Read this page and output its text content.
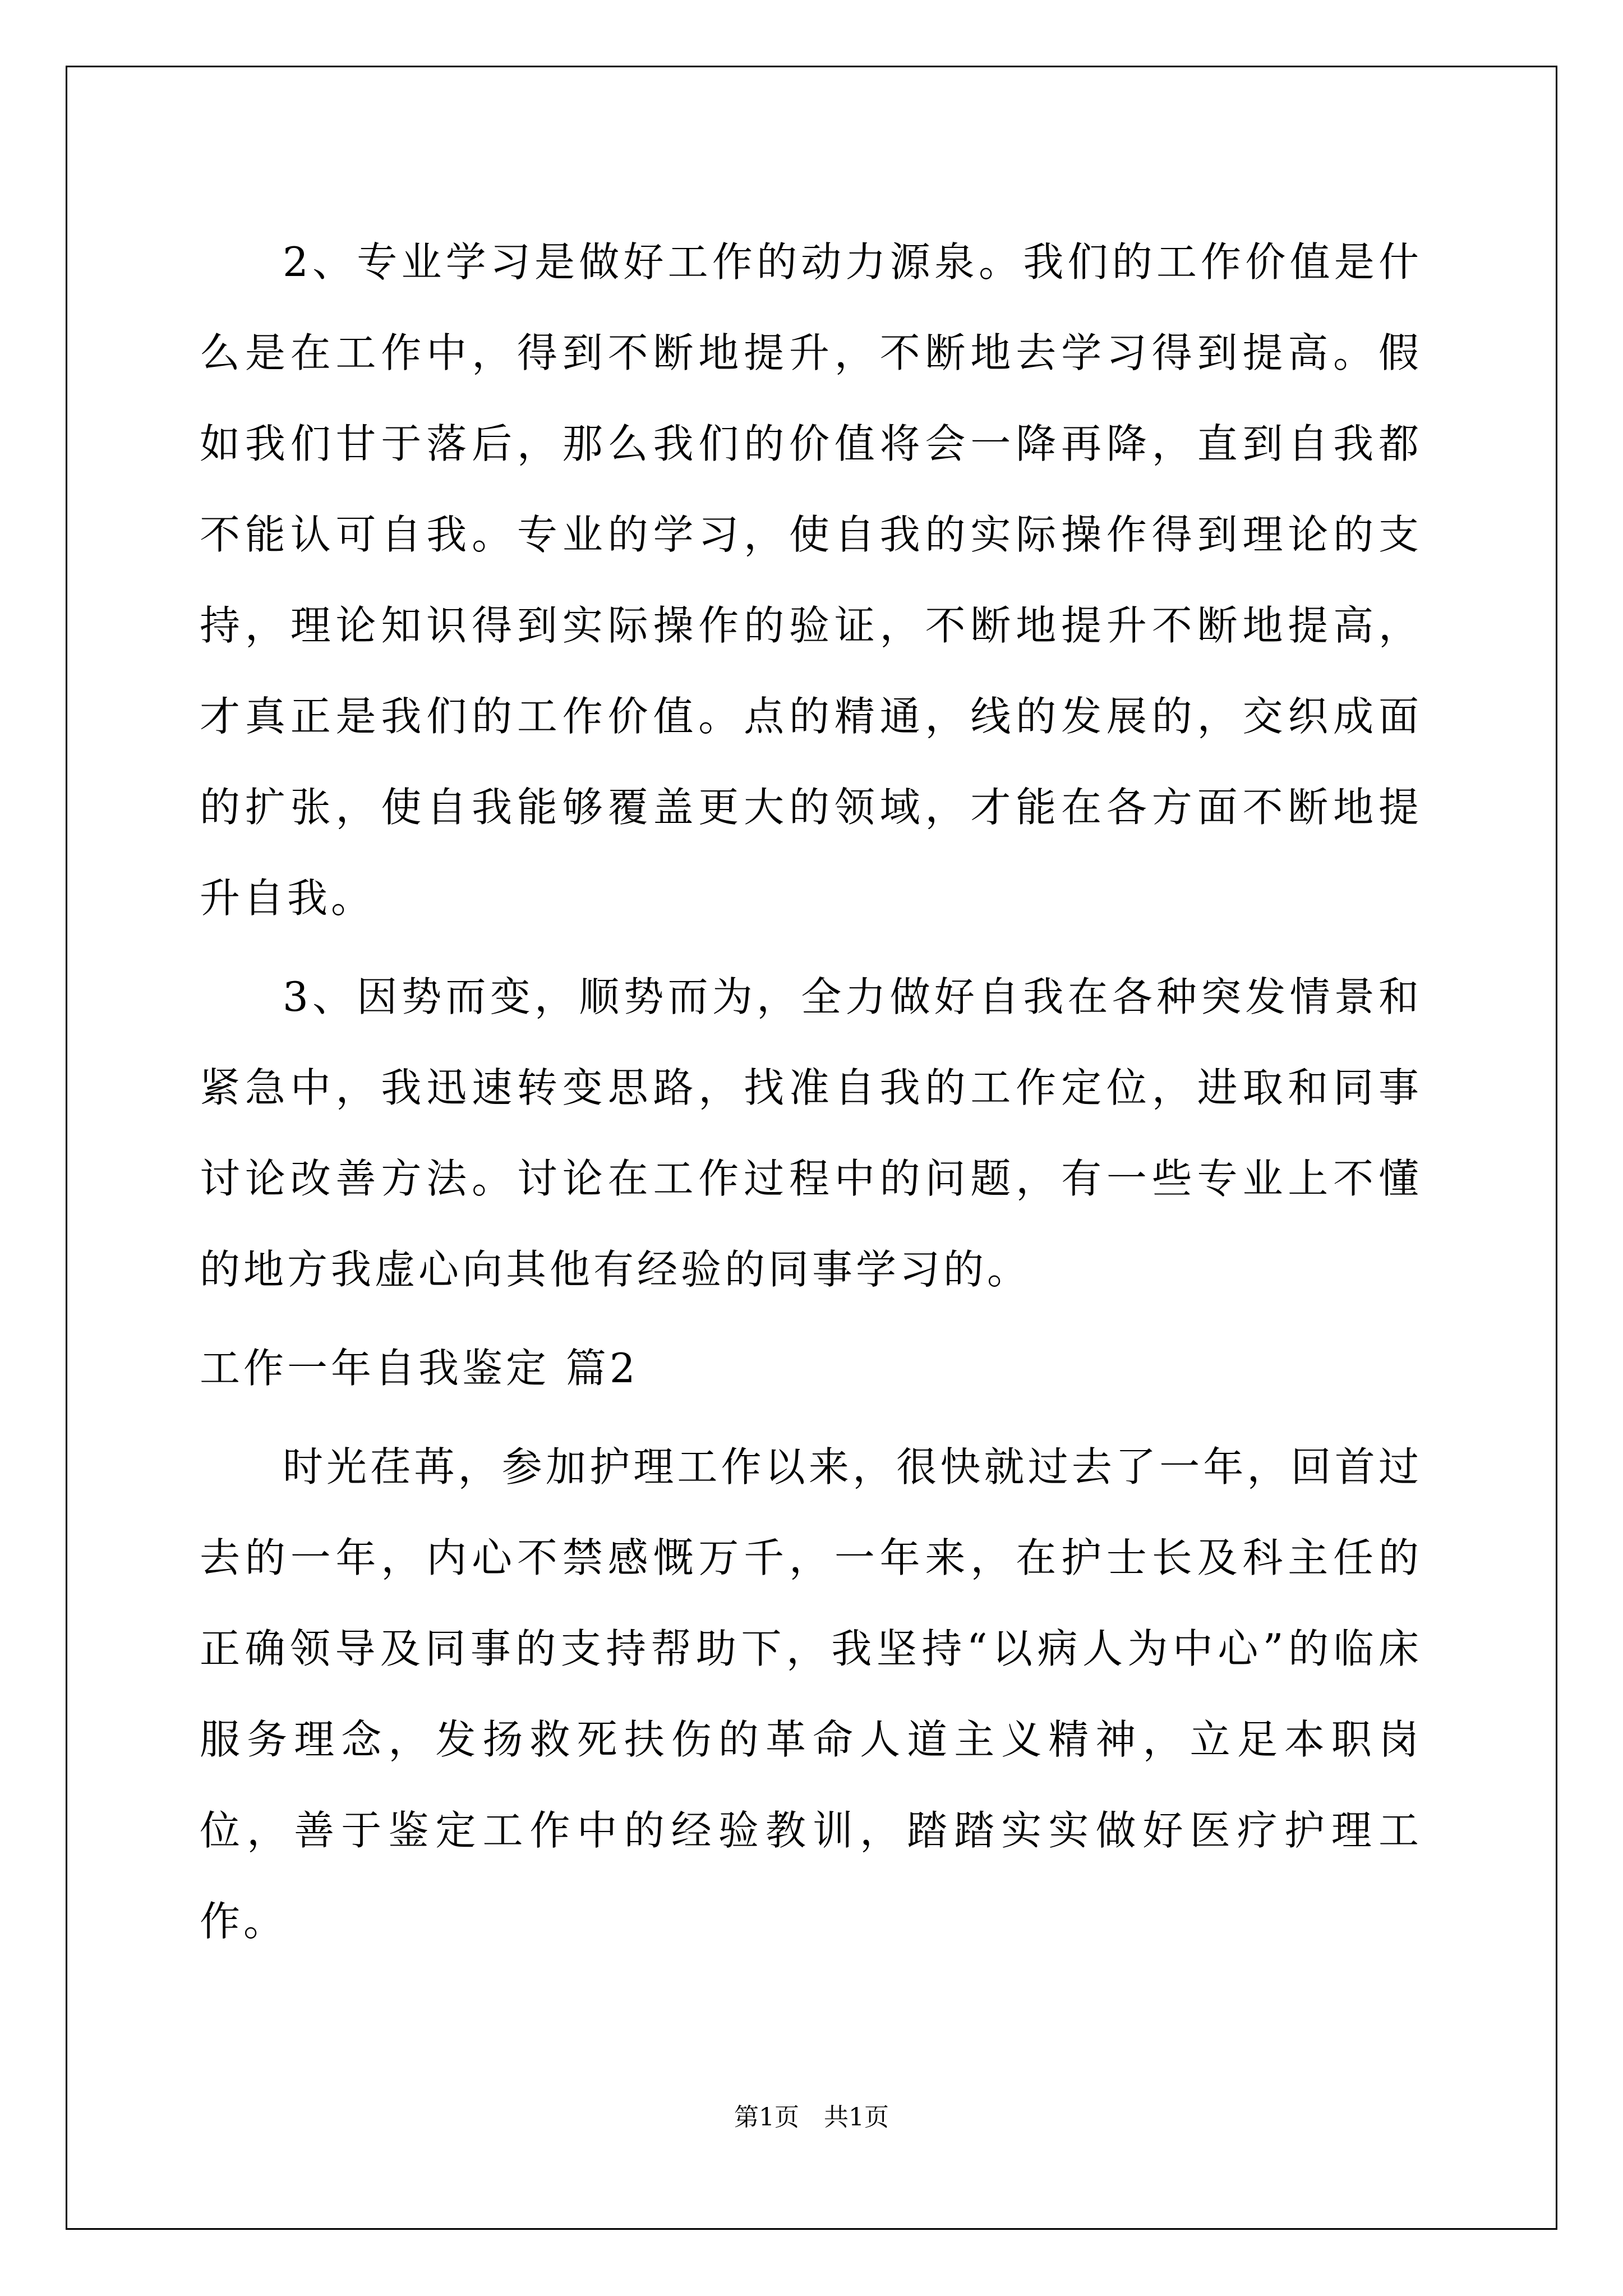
2、专业学习是做好工作的动力源泉。我们的工作价值是什么是在工作中，得到不断地提升，不断地去学习得到提高。假如我们甘于落后，那么我们的价值将会一降再降，直到自我都不能认可自我。专业的学习，使自我的实际操作得到理论的支持，理论知识得到实际操作的验证，不断地提升不断地提高，才真正是我们的工作价值。点的精通，线的发展的，交织成面的扩张，使自我能够覆盖更大的领域，才能在各方面不断地提升自我。

3、因势而变，顺势而为，全力做好自我在各种突发情景和紧急中，我迅速转变思路，找准自我的工作定位，进取和同事讨论改善方法。讨论在工作过程中的问题，有一些专业上不懂的地方我虚心向其他有经验的同事学习的。

工作一年自我鉴定 篇2

时光荏苒，参加护理工作以来，很快就过去了一年，回首过去的一年，内心不禁感慨万千，一年来，在护士长及科主任的正确领导及同事的支持帮助下，我坚持“以病人为中心”的临床服务理念，发扬救死扶伤的革命人道主义精神，立足本职岗位，善于鉴定工作中的经验教训，踏踏实实做好医疗护理工作。

第1页　共1页
